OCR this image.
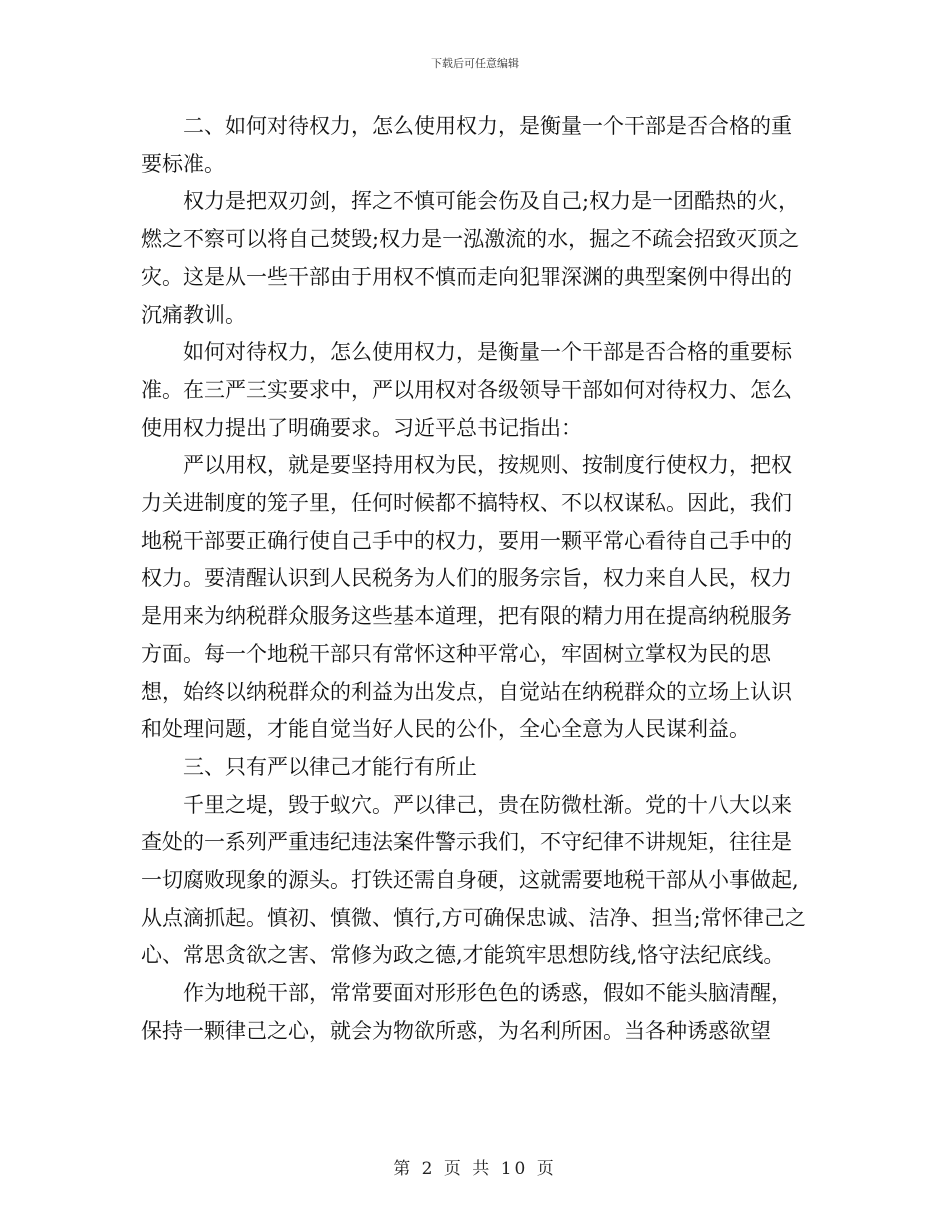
下载后可任意编辑

二、如何对待权力，怎么使用权力，是衡量一个干部是否合格的重要标准。

权力是把双刃剑，挥之不慎可能会伤及自己;权力是一团酷热的火，燃之不察可以将自己焚毁;权力是一泓激流的水，掘之不疏会招致灭顶之灾。这是从一些干部由于用权不慎而走向犯罪深渊的典型案例中得出的沉痛教训。

如何对待权力，怎么使用权力，是衡量一个干部是否合格的重要标准。在三严三实要求中，严以用权对各级领导干部如何对待权力、怎么使用权力提出了明确要求。习近平总书记指出：

严以用权，就是要坚持用权为民，按规则、按制度行使权力，把权力关进制度的笼子里，任何时候都不搞特权、不以权谋私。因此，我们地税干部要正确行使自己手中的权力，要用一颗平常心看待自己手中的权力。要清醒认识到人民税务为人们的服务宗旨，权力来自人民，权力是用来为纳税群众服务这些基本道理，把有限的精力用在提高纳税服务方面。每一个地税干部只有常怀这种平常心，牢固树立掌权为民的思想，始终以纳税群众的利益为出发点，自觉站在纳税群众的立场上认识和处理问题，才能自觉当好人民的公仆，全心全意为人民谋利益。

三、只有严以律己才能行有所止

千里之堤，毁于蚁穴。严以律己，贵在防微杜渐。党的十八大以来查处的一系列严重违纪违法案件警示我们，不守纪律不讲规矩，往往是一切腐败现象的源头。打铁还需自身硬，这就需要地税干部从小事做起,从点滴抓起。慎初、慎微、慎行,方可确保忠诚、洁净、担当;常怀律己之心、常思贪欲之害、常修为政之德,才能筑牢思想防线,恪守法纪底线。

作为地税干部，常常要面对形形色色的诱惑，假如不能头脑清醒，保持一颗律己之心，就会为物欲所惑，为名利所困。当各种诱惑欲望

第 2 页 共 10 页
